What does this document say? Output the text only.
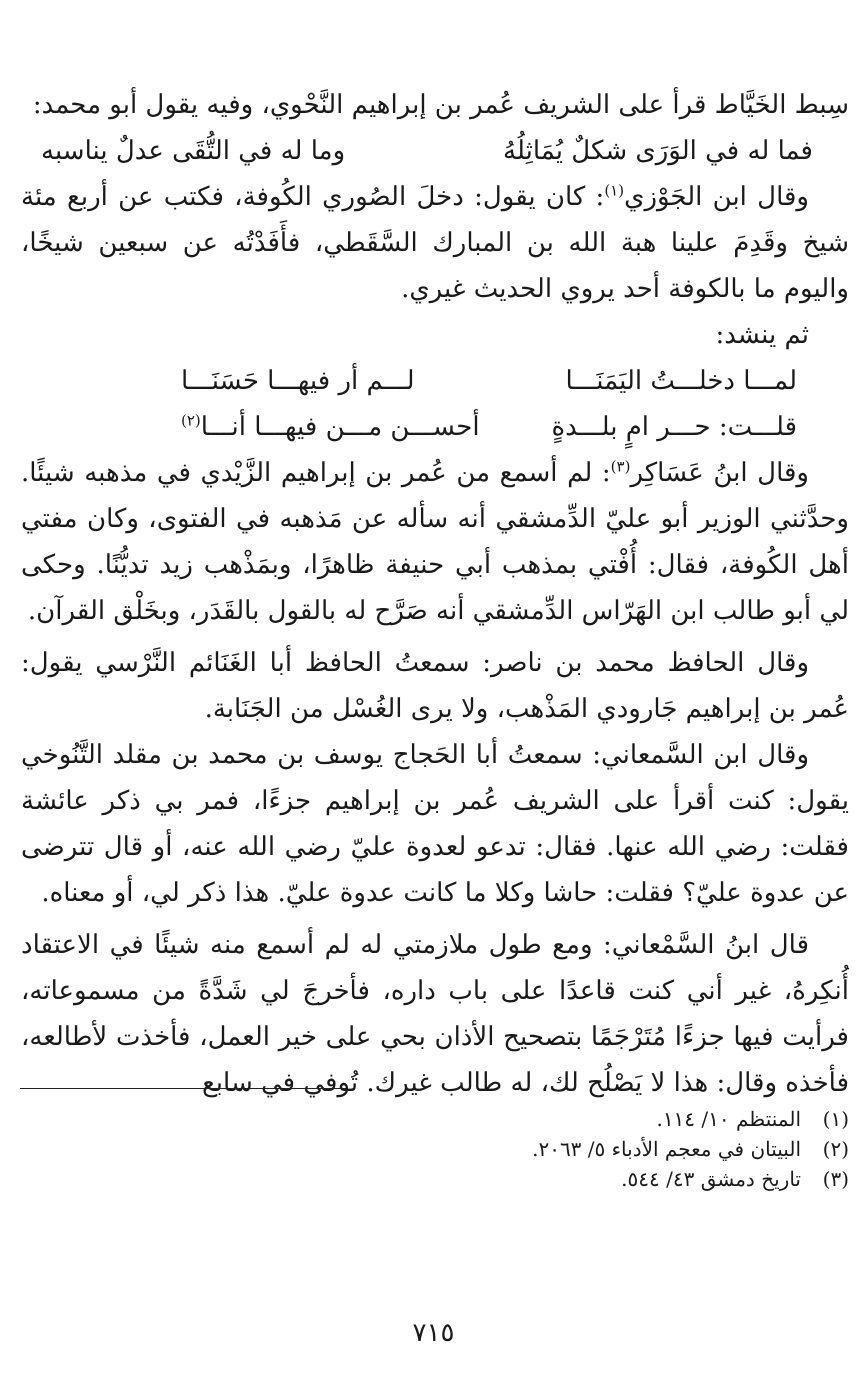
سِبط الخَيَّاط قرأ على الشريف عُمر بن إبراهيم النَّحْوي، وفيه يقول أبو محمد:

فما له في الوَرَى شكلٌ يُمَاثِلُهُ
وما له في التُّقَى عدلٌ يناسبه

وقال ابن الجَوْزي$^{(١)}$: كان يقول: دخلَ الصُوري الكُوفة، فكتب عن أربع مئة شيخ وقَدِمَ علينا هبة الله بن المبارك السَّقَطي، فأَفَدْتُه عن سبعين شيخًا، واليوم ما بالكوفة أحد يروي الحديث غيري.

ثم ينشد:

لمـــا دخلـــتُ اليَمَنَـــا
لـــم أر فيهـــا حَسَنَـــا
قلـــت: حـــر امٍ بلـــدةٍ
أحســـن مـــن فيهـــا أنـــا$^{(٢)}$

وقال ابنُ عَسَاكِر$^{(٣)}$: لم أسمع من عُمر بن إبراهيم الزَّيْدي في مذهبه شيئًا. وحدَّثني الوزير أبو عليّ الدِّمشقي أنه سأله عن مَذهبه في الفتوى، وكان مفتي أهل الكُوفة، فقال: أُفْتي بمذهب أبي حنيفة ظاهرًا، وبمَذْهب زيد تديُّنًا. وحكى لي أبو طالب ابن الهَرّاس الدِّمشقي أنه صَرَّح له بالقول بالقَدَر، وبخَلْق القرآن.

وقال الحافظ محمد بن ناصر: سمعتُ الحافظ أبا الغَنَائم النَّرْسي يقول: عُمر بن إبراهيم جَارودي المَذْهب، ولا يرى الغُسْل من الجَنَابة.

وقال ابن السَّمعاني: سمعتُ أبا الحَجاج يوسف بن محمد بن مقلد التَّنُوخي يقول: كنت أقرأ على الشريف عُمر بن إبراهيم جزءًا، فمر بي ذكر عائشة فقلت: رضي الله عنها. فقال: تدعو لعدوة عليّ رضي الله عنه، أو قال تترضى عن عدوة عليّ؟ فقلت: حاشا وكلا ما كانت عدوة عليّ. هذا ذكر لي، أو معناه.

قال ابنُ السَّمْعاني: ومع طول ملازمتي له لم أسمع منه شيئًا في الاعتقاد أُنكِرهُ، غير أني كنت قاعدًا على باب داره، فأخرجَ لي شَدَّةً من مسموعاته، فرأيت فيها جزءًا مُتَرْجَمًا بتصحيح الأذان بحي على خير العمل، فأخذت لأطالعه، فأخذه وقال: هذا لا يَصْلُح لك، له طالب غيرك. تُوفي في سابع

(١)
المنتظم ١٠/ ١١٤.
(٢)
البيتان في معجم الأدباء ٥/ ٢٠٦٣.
(٣)
تاريخ دمشق ٤٣/ ٥٤٤.
٧١٥
